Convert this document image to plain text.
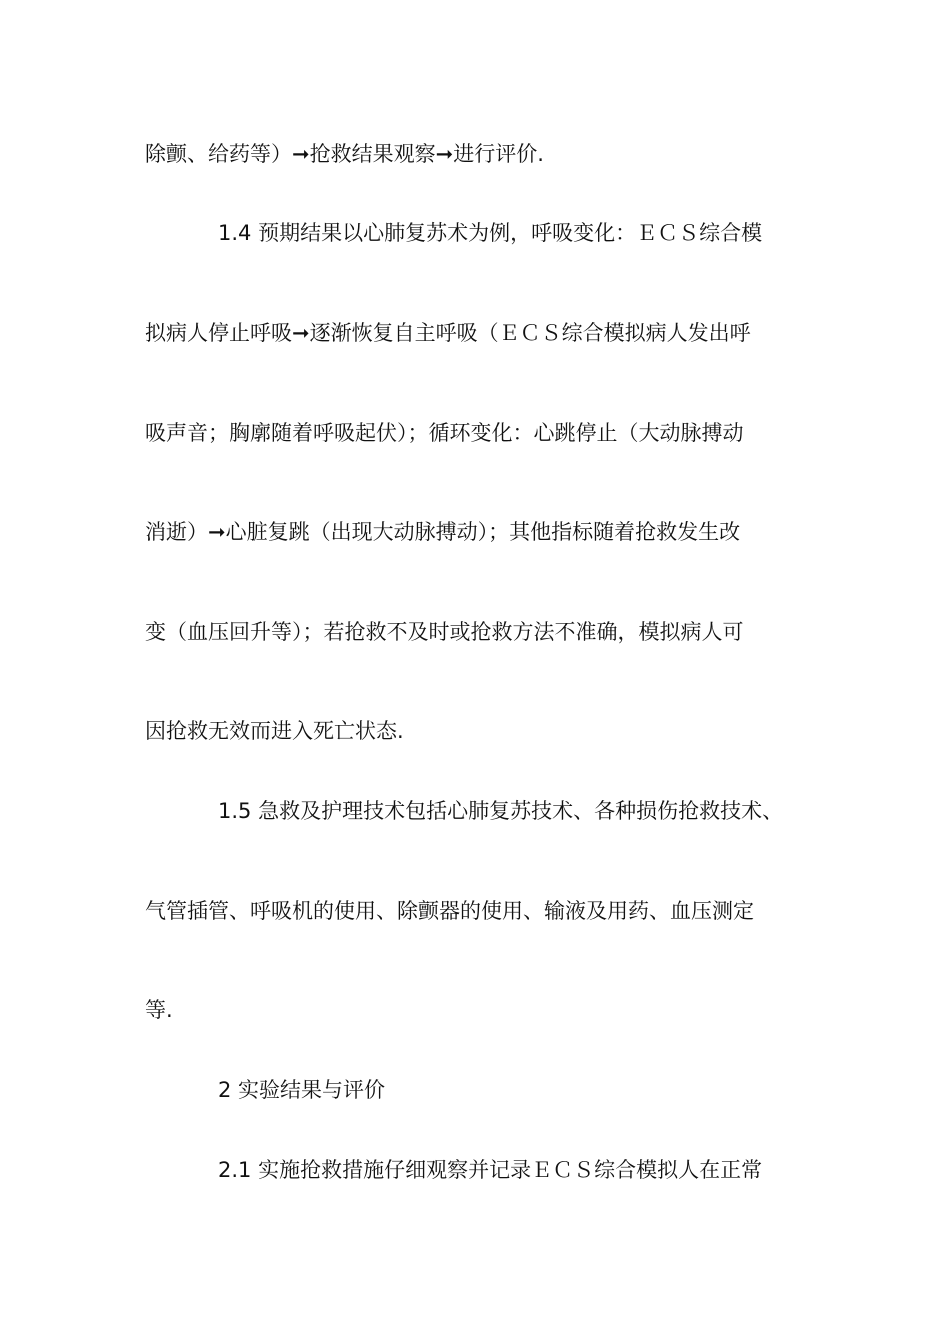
除颤、给药等）➞抢救结果观察➞进行评价.
1.4 预期结果以心肺复苏术为例，呼吸变化：ＥＣＳ综合模
拟病人停止呼吸➞逐渐恢复自主呼吸（ＥＣＳ综合模拟病人发出呼
吸声音；胸廓随着呼吸起伏）；循环变化：心跳停止（大动脉搏动
消逝）➞心脏复跳（出现大动脉搏动）；其他指标随着抢救发生改
变（血压回升等）；若抢救不及时或抢救方法不准确，模拟病人可
因抢救无效而进入死亡状态.
1.5 急救及护理技术包括心肺复苏技术、各种损伤抢救技术、
气管插管、呼吸机的使用、除颤器的使用、输液及用药、血压测定
等.
2 实验结果与评价
2.1 实施抢救措施仔细观察并记录ＥＣＳ综合模拟人在正常
